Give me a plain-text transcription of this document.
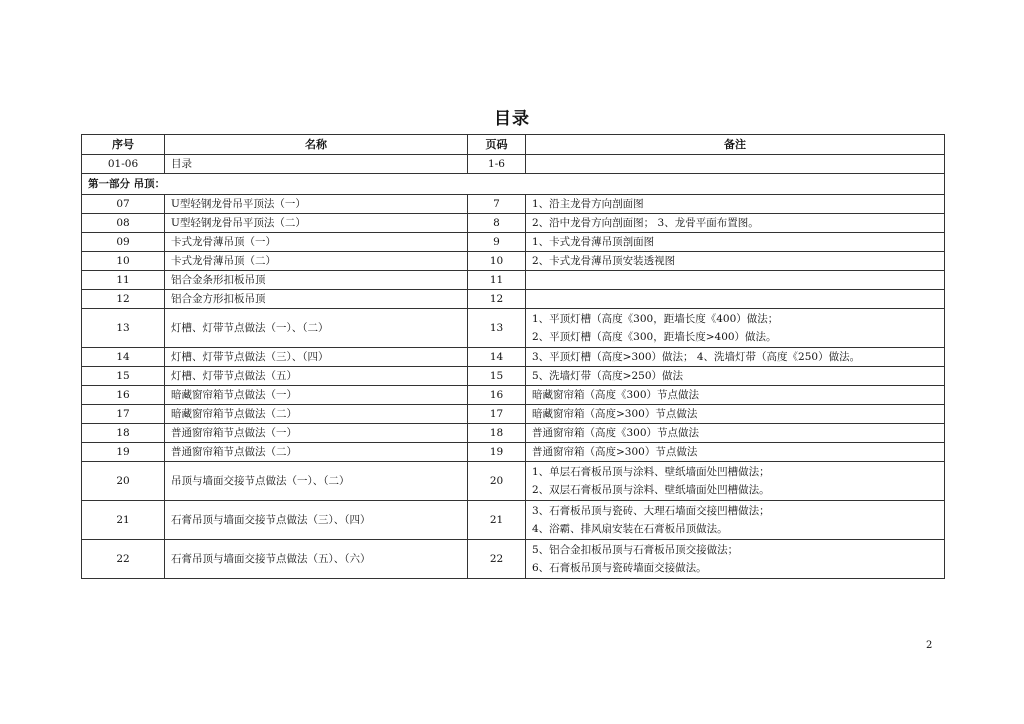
目录
序号	名称	页码	备注
01-06	目录	1-6	
第一部分 吊顶：			
07	U型轻钢龙骨吊平顶法（一）	7	1、沿主龙骨方向剖面图
08	U型轻钢龙骨吊平顶法（二）	8	2、沿中龙骨方向剖面图； 3、龙骨平面布置图。
09	卡式龙骨薄吊顶（一）	9	1、卡式龙骨薄吊顶剖面图
10	卡式龙骨薄吊顶（二）	10	2、卡式龙骨薄吊顶安装透视图
11	铝合金条形扣板吊顶	11	
12	铝合金方形扣板吊顶	12	
13	灯槽、灯带节点做法（一）、（二）	13	1、平顶灯槽（高度《300，距墙长度《400）做法；
2、平顶灯槽（高度《300，距墙长度>400）做法。

14	灯槽、灯带节点做法（三）、（四）	14	3、平顶灯槽（高度>300）做法； 4、洗墙灯带（高度《250）做法。
15	灯槽、灯带节点做法（五）	15	5、洗墙灯带（高度>250）做法
16	暗藏窗帘箱节点做法（一）	16	暗藏窗帘箱（高度《300）节点做法
17	暗藏窗帘箱节点做法（二）	17	暗藏窗帘箱（高度>300）节点做法
18	普通窗帘箱节点做法（一）	18	普通窗帘箱（高度《300）节点做法
19	普通窗帘箱节点做法（二）	19	普通窗帘箱（高度>300）节点做法
20	吊顶与墙面交接节点做法（一）、（二）	20	1、单层石膏板吊顶与涂料、壁纸墙面处凹槽做法；
2、双层石膏板吊顶与涂料、壁纸墙面处凹槽做法。

21	石膏吊顶与墙面交接节点做法（三）、（四）	21	3、石膏板吊顶与瓷砖、大理石墙面交接凹槽做法；
4、浴霸、排风扇安装在石膏板吊顶做法。

22	石膏吊顶与墙面交接节点做法（五）、（六）	22	5、铝合金扣板吊顶与石膏板吊顶交接做法；
6、石膏板吊顶与瓷砖墙面交接做法。
2
